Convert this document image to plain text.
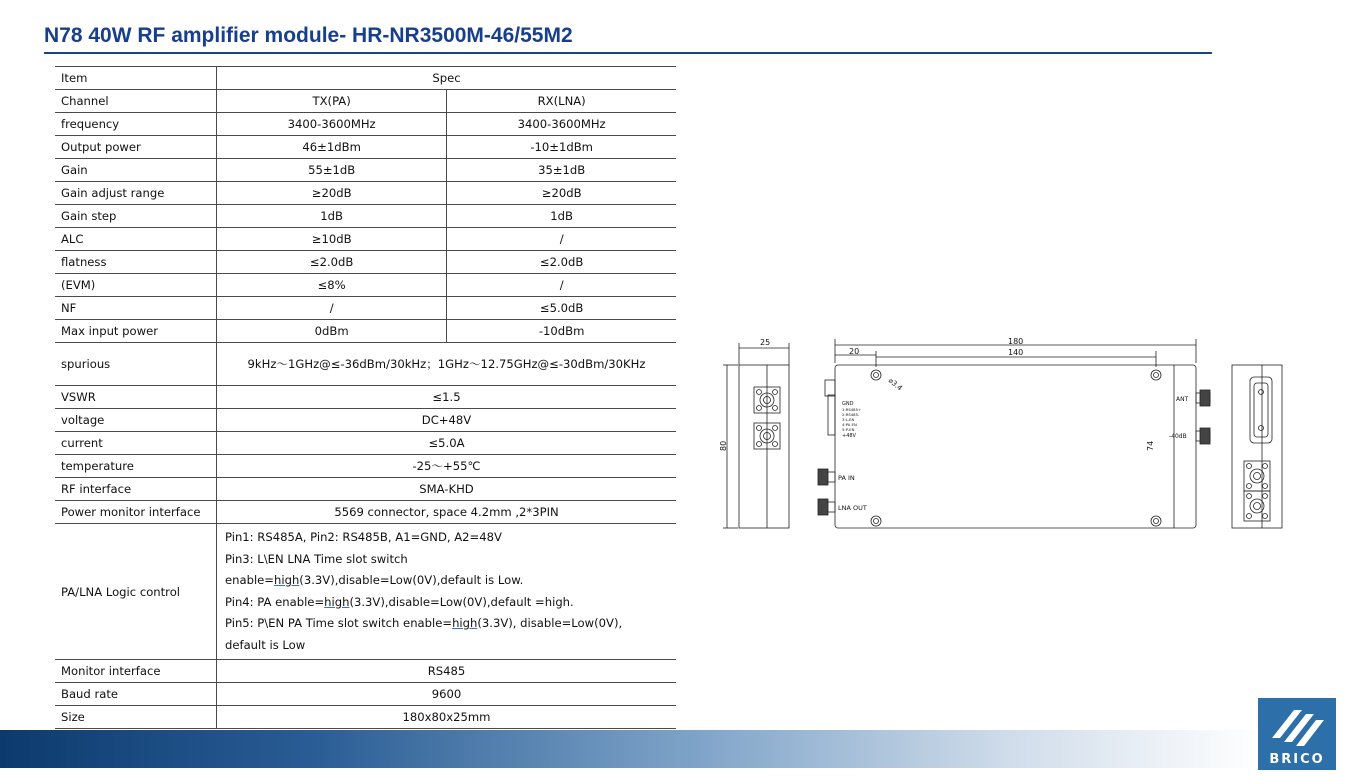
N78 40W RF amplifier module- HR-NR3500M-46/55M2
Item	Spec	
Channel	TX(PA)	RX(LNA)
frequency	3400-3600MHz	3400-3600MHz
Output power	46±1dBm	-10±1dBm
Gain	55±1dB	35±1dB
Gain adjust range	≥20dB	≥20dB
Gain step	1dB	1dB
ALC	≥10dB	/
flatness	≤2.0dB	≤2.0dB
(EVM)	≤8%	/
NF	/	≤5.0dB
Max input power	0dBm	-10dBm
spurious	9kHz～1GHz@≤-36dBm/30kHz；1GHz～12.75GHz@≤-30dBm/30KHz	
VSWR	≤1.5	
voltage	DC+48V	
current	≤5.0A	
temperature	-25～+55℃	
RF interface	SMA-KHD	
Power monitor interface	5569 connector, space 4.2mm ,2*3PIN	
PA/LNA Logic control	Pin1: RS485A, Pin2: RS485B, A1=GND, A2=48V
Pin3: L\EN LNA Time slot switch enable=high(3.3V),disable=Low(0V),default is Low.
Pin4: PA enable=high(3.3V),disable=Low(0V),default =high.
Pin5: P\EN PA Time slot switch enable=high(3.3V), disable=Low(0V), default is Low	

Monitor interface	RS485	
Baud rate	9600	
Size	180x80x25mm	
25
80
180
20	140
⌀3.4
GND
1:RS485+
2:RS485-
3:L-EN
4:PA EN
5:P-EN
+48V
ANT
-40dB
74
PA IN
LNA OUT
BRICO
